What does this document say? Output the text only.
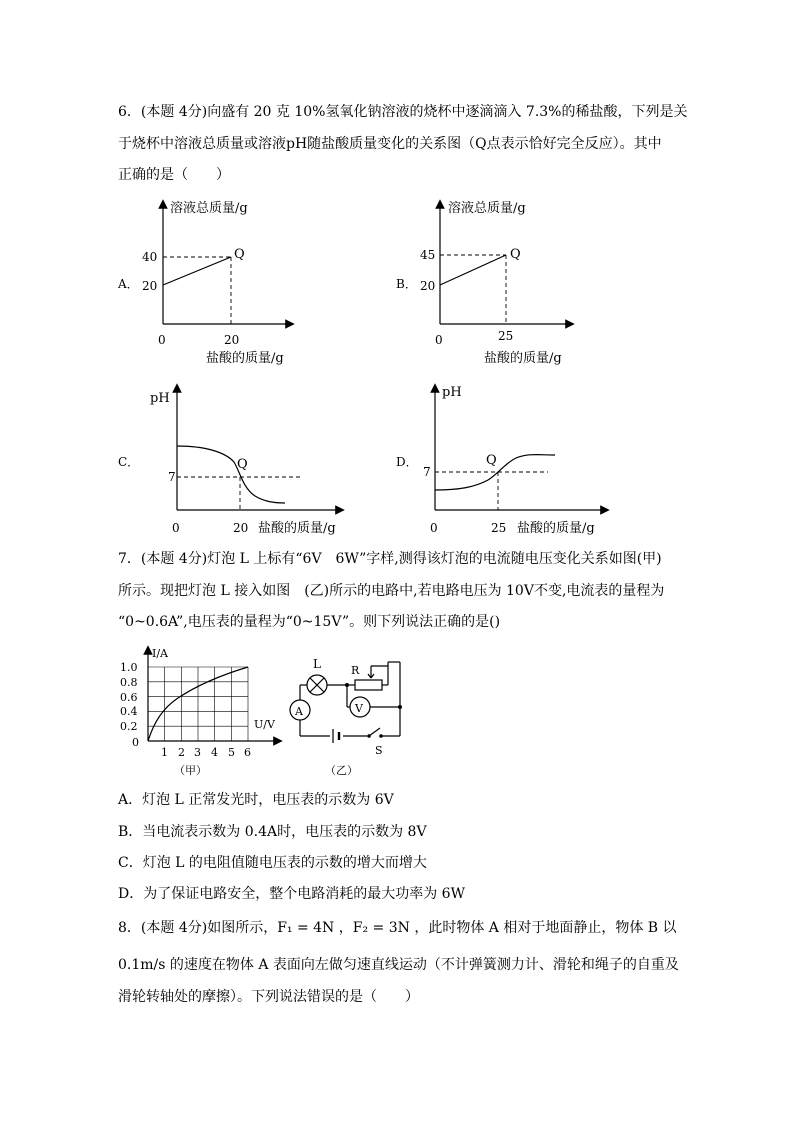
6．(本题 4分)向盛有 20 克 10%氢氧化钠溶液的烧杯中逐滴滴入 7.3%的稀盐酸，下列是关
于烧杯中溶液总质量或溶液pH随盐酸质量变化的关系图（Q点表示恰好完全反应）。其中
正确的是（　　）
溶液总质量/g
40
20
A．
Q
0	20
盐酸的质量/g
溶液总质量/g
45
20
B．
Q
0	25
盐酸的质量/g
pH
7
C．	Q
0	20 盐酸的质量/g
pH
7
D．	Q
0	25 盐酸的质量/g
7．(本题 4分)灯泡 L 上标有“6V　6W”字样,测得该灯泡的电流随电压变化关系如图(甲)
所示。现把灯泡 L 接入如图　(乙)所示的电路中,若电路电压为 10V不变,电流表的量程为
“0~0.6A”,电压表的量程为“0~15V”。则下列说法正确的是()
I/A
U/V
1.0
0.8
0.6
0.4
0.2
0
1 2 3 4 5 6
（甲）
L	R
A	V
S
（乙）
A．灯泡 L 正常发光时，电压表的示数为 6V
B．当电流表示数为 0.4A时，电压表的示数为 8V
C．灯泡 L 的电阻值随电压表的示数的增大而增大
D．为了保证电路安全，整个电路消耗的最大功率为 6W
8．(本题 4分)如图所示，F₁ = 4N ，F₂ = 3N ，此时物体 A 相对于地面静止，物体 B 以
0.1m/s 的速度在物体 A 表面向左做匀速直线运动（不计弹簧测力计、滑轮和绳子的自重及
滑轮转轴处的摩擦）。下列说法错误的是（　　）
